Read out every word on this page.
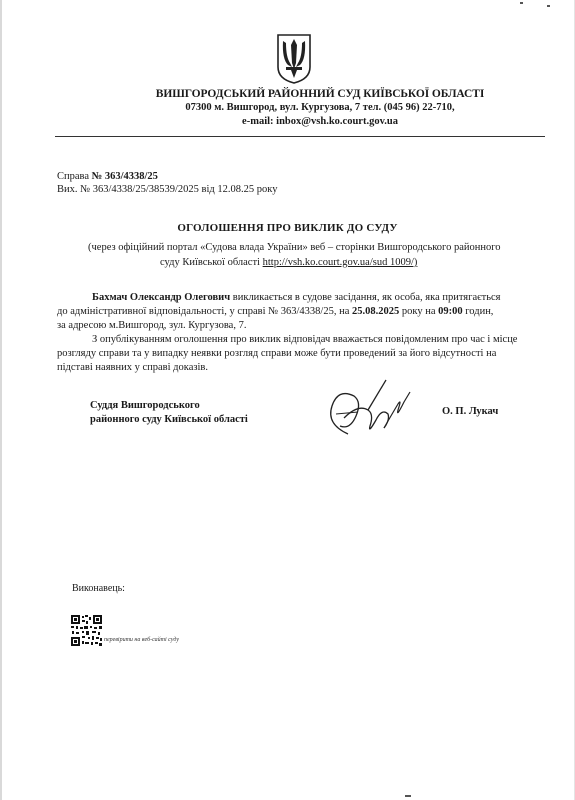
ВИШГОРОДСЬКИЙ РАЙОННИЙ СУД КИЇВСЬКОЇ ОБЛАСТІ
07300 м. Вишгород, вул. Кургузова, 7 тел. (045 96) 22-710,
e-mail: inbox@vsh.ko.court.gov.ua
Справа № 363/4338/25
Вих. № 363/4338/25/38539/2025 від 12.08.25 року
ОГОЛОШЕННЯ ПРО ВИКЛИК ДО СУДУ
(через офіційний портал «Судова влада України» веб – сторінки Вишгородського районного
суду Київської області http://vsh.ko.court.gov.ua/sud 1009/)
Бахмач Олександр Олегович викликається в судове засідання, як особа, яка притягається
до адміністративної відповідальності, у справі № 363/4338/25, на 25.08.2025 року на 09:00 годин,
за адресою м.Вишгород, зул. Кургузова, 7.
З опублікуванням оголошення про виклик відповідач вважається повідомленим про час і місце
розгляду справи та у випадку неявки розгляд справи може бути проведений за його відсутності на
підставі наявних у справі доказів.
Суддя Вишгородського
районного суду Київської області
О. П. Лукач
Виконавець:
перевірити на веб-сайті суду
